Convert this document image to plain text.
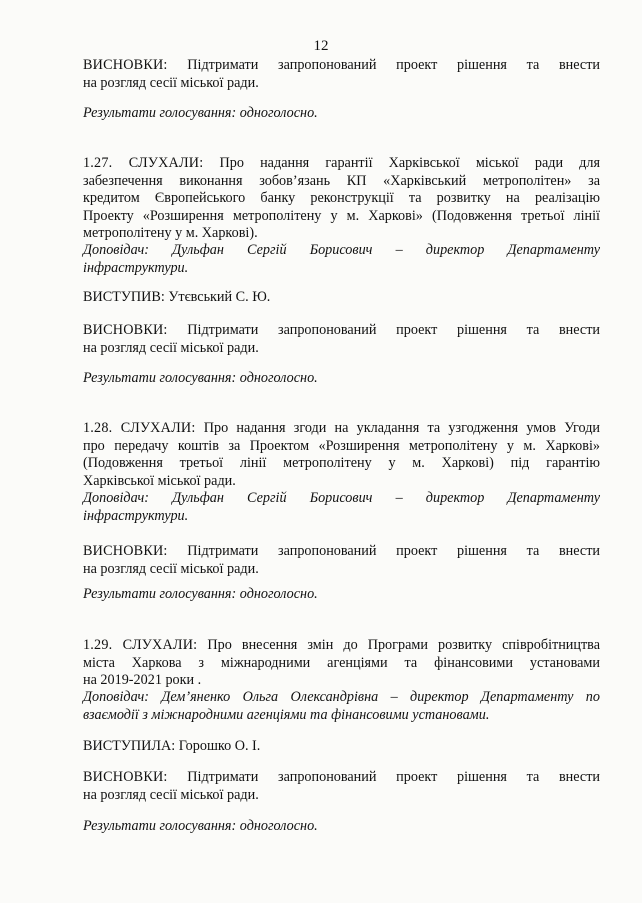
12
ВИСНОВКИ: Підтримати запропонований проект рішення та внести
на розгляд сесії міської ради.
Результати голосування: одноголосно.
1.27. СЛУХАЛИ: Про надання гарантії Харківської міської ради для
забезпечення виконання зобов’язань КП «Харківський метрополітен» за
кредитом Європейського банку реконструкції та розвитку на реалізацію
Проекту «Розширення метрополітену у м. Харкові» (Подовження третьої лінії
метрополітену у м. Харкові).
Доповідач: Дульфан Сергій Борисович – директор Департаменту
інфраструктури.
ВИСТУПИВ: Утєвський С. Ю.
ВИСНОВКИ: Підтримати запропонований проект рішення та внести
на розгляд сесії міської ради.
Результати голосування: одноголосно.
1.28. СЛУХАЛИ: Про надання згоди на укладання та узгодження умов Угоди
про передачу коштів за Проектом «Розширення метрополітену у м. Харкові»
(Подовження третьої лінії метрополітену у м. Харкові) під гарантію
Харківської міської ради.
Доповідач: Дульфан Сергій Борисович – директор Департаменту
інфраструктури.
ВИСНОВКИ: Підтримати запропонований проект рішення та внести
на розгляд сесії міської ради.
Результати голосування: одноголосно.
1.29. СЛУХАЛИ: Про внесення змін до Програми розвитку співробітництва
міста Харкова з міжнародними агенціями та фінансовими установами
на 2019-2021 роки .
Доповідач: Дем’яненко Ольга Олександрівна – директор Департаменту по
взаємодії з міжнародними агенціями та фінансовими установами.
ВИСТУПИЛА: Горошко О. І.
ВИСНОВКИ: Підтримати запропонований проект рішення та внести
на розгляд сесії міської ради.
Результати голосування: одноголосно.
